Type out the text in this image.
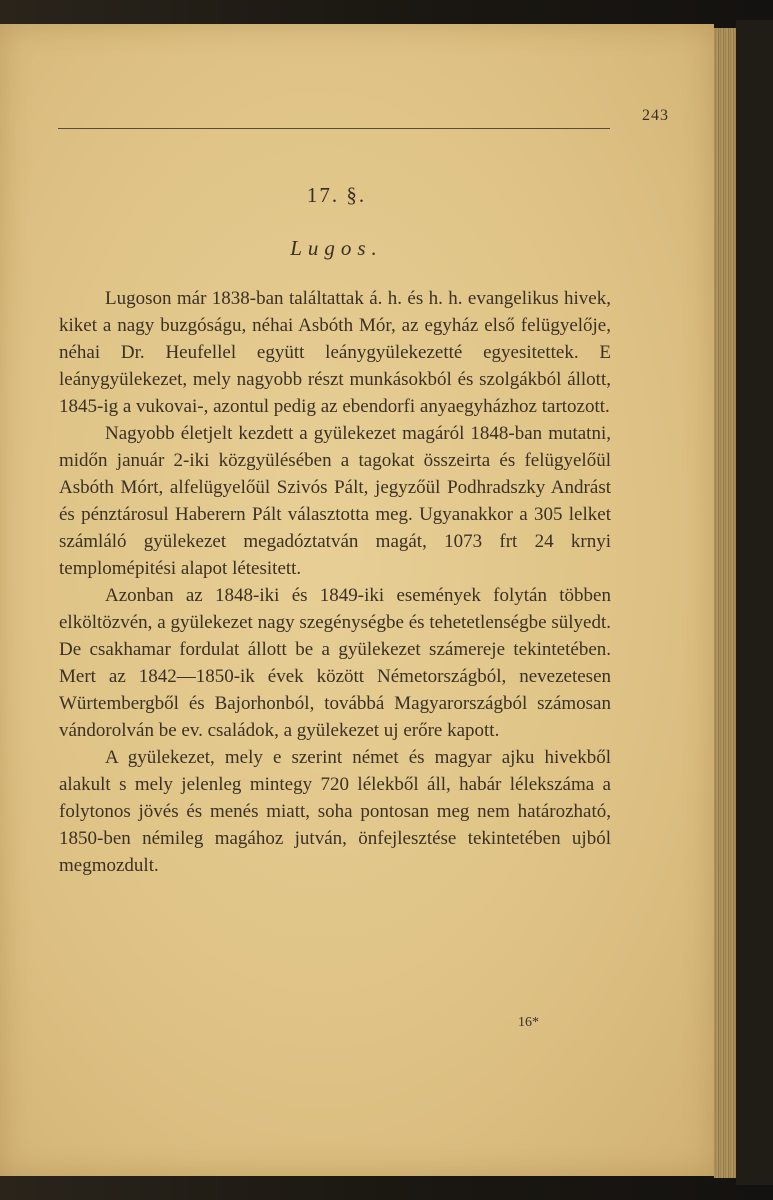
243
17. §.
Lugos.

Lugoson már 1838-ban találtattak á. h. és h. h. evangelikus hivek, kiket a nagy buzgóságu, néhai Asbóth Mór, az egyház első felügyelője, néhai Dr. Heufellel együtt leánygyülekezetté egyesitettek. E leánygyülekezet, mely nagyobb részt munkásokból és szolgákból állott, 1845-ig a vukovai-, azontul pedig az ebendorfi anyaegyházhoz tartozott.

Nagyobb életjelt kezdett a gyülekezet magáról 1848-ban mutatni, midőn január 2-iki közgyülésében a tagokat összeirta és felügyelőül Asbóth Mórt, alfelügyelőül Szivós Pált, jegyzőül Podhradszky Andrást és pénztárosul Haberern Pált választotta meg. Ugyanakkor a 305 lelket számláló gyülekezet megadóztatván magát, 1073 frt 24 krnyi templomépitési alapot létesitett.

Azonban az 1848-iki és 1849-iki események folytán többen elköltözvén, a gyülekezet nagy szegénységbe és tehetetlenségbe sülyedt. De csakhamar fordulat állott be a gyülekezet számereje tekintetében. Mert az 1842—1850-ik évek között Németországból, nevezetesen Würtembergből és Bajorhonból, továbbá Magyarországból számosan vándorolván be ev. családok, a gyülekezet uj erőre kapott.

A gyülekezet, mely e szerint német és magyar ajku hivekből alakult s mely jelenleg mintegy 720 lélekből áll, habár lélekszáma a folytonos jövés és menés miatt, soha pontosan meg nem határozható, 1850-ben némileg magához jutván, önfejlesztése tekintetében ujból megmozdult.

16*
